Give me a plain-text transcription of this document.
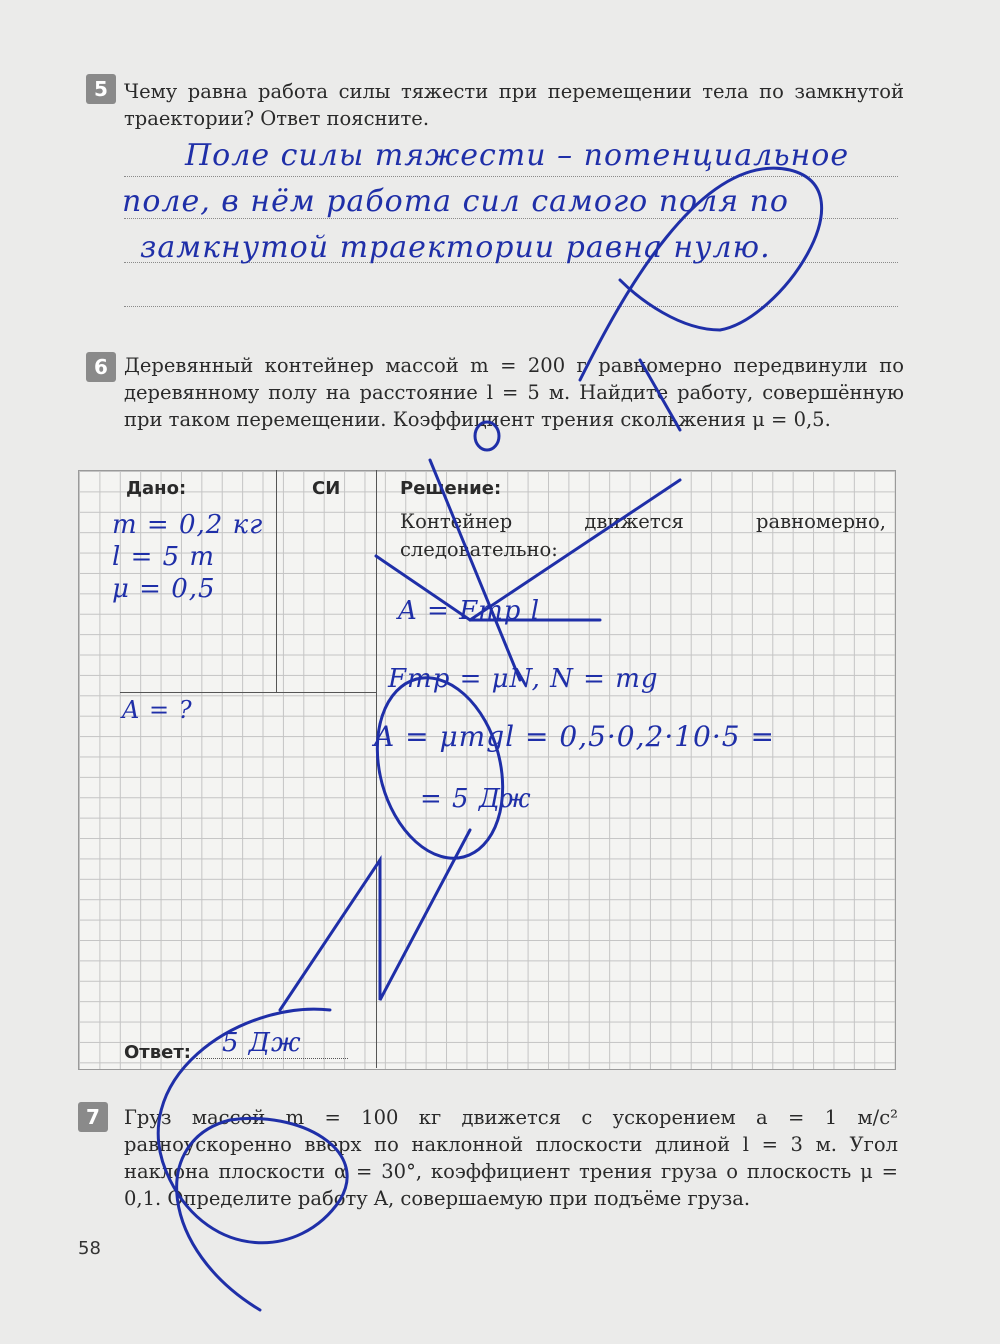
5 Чему равна работа силы тяжести при перемещении тела по замкнутой траектории? Ответ поясните.
Поле силы тяжести – потенциальное
поле, в нём работа сил самого поля по
замкнутой траектории равна нулю.
6 Деревянный контейнер массой m = 200 г равномерно передвинули по деревянному полу на расстояние l = 5 м. Найдите работу, совершённую при таком перемещении. Коэффициент трения скольжения μ = 0,5.
Дано:	СИ	Решение:
Контейнер движется равномерно, следовательно:
m = 0,2 кг
l = 5 m
μ = 0,5
A = ?
A = Fтр l
Fтр = μN, N = mg
A = μmgl = 0,5·0,2·10·5 =
= 5 Дж
Ответ: 5 Дж
7	Груз массой m = 100 кг движется с ускорением a = 1 м/с² равноускоренно вверх по наклонной плоскости длиной l = 3 м. Угол наклона плоскости α = 30°, коэффициент трения груза о плоскость μ = 0,1. Определите работу A, совершаемую при подъёме груза.
58
